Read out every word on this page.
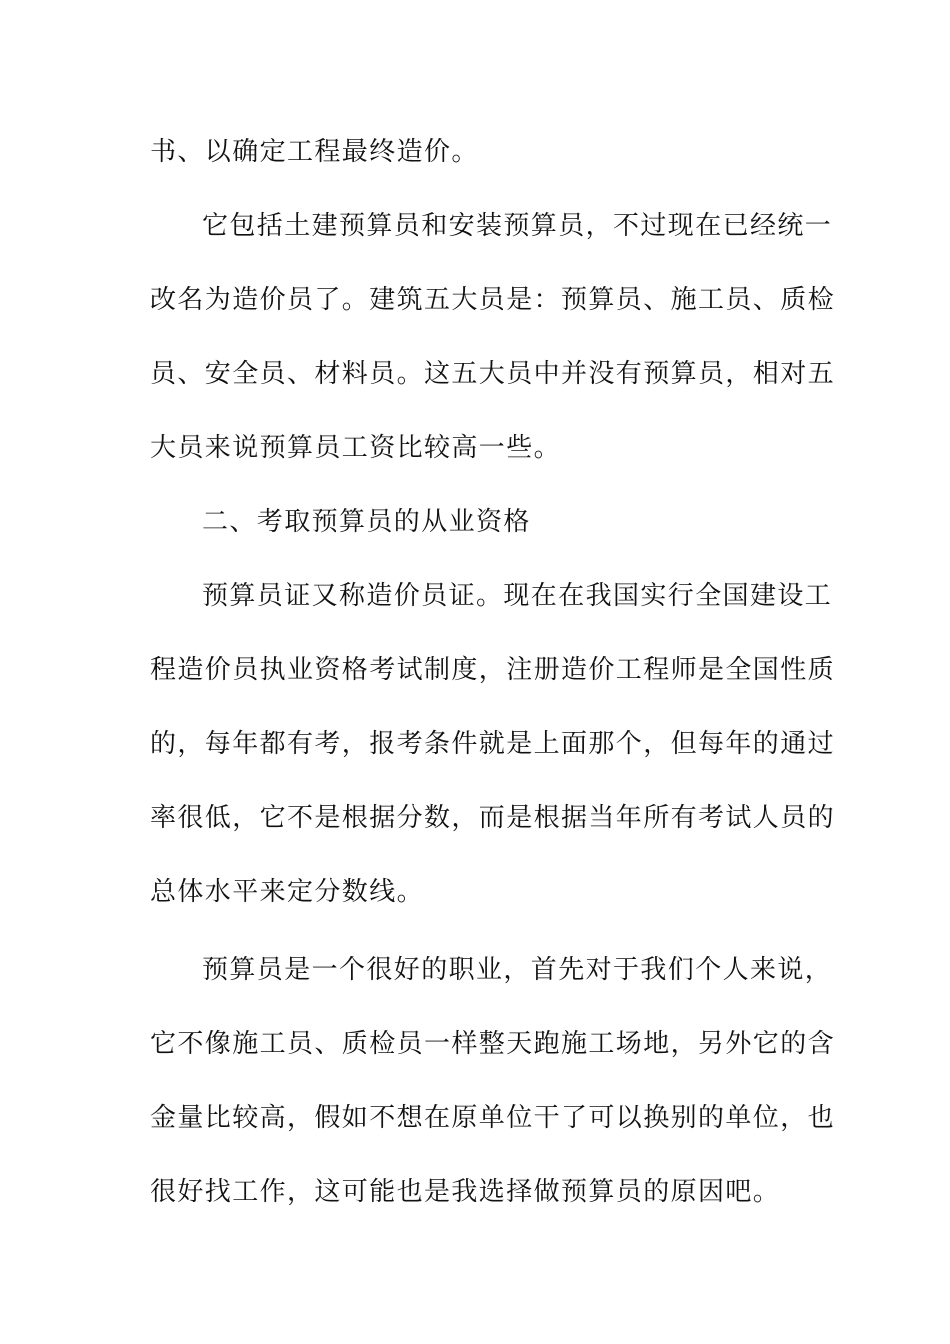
书、以确定工程最终造价。
它包括土建预算员和安装预算员，不过现在已经统一
改名为造价员了。建筑五大员是：预算员、施工员、质检
员、安全员、材料员。这五大员中并没有预算员，相对五
大员来说预算员工资比较高一些。
二、考取预算员的从业资格
预算员证又称造价员证。现在在我国实行全国建设工
程造价员执业资格考试制度，注册造价工程师是全国性质
的，每年都有考，报考条件就是上面那个，但每年的通过
率很低，它不是根据分数，而是根据当年所有考试人员的
总体水平来定分数线。
预算员是一个很好的职业，首先对于我们个人来说，
它不像施工员、质检员一样整天跑施工场地，另外它的含
金量比较高，假如不想在原单位干了可以换别的单位，也
很好找工作，这可能也是我选择做预算员的原因吧。
